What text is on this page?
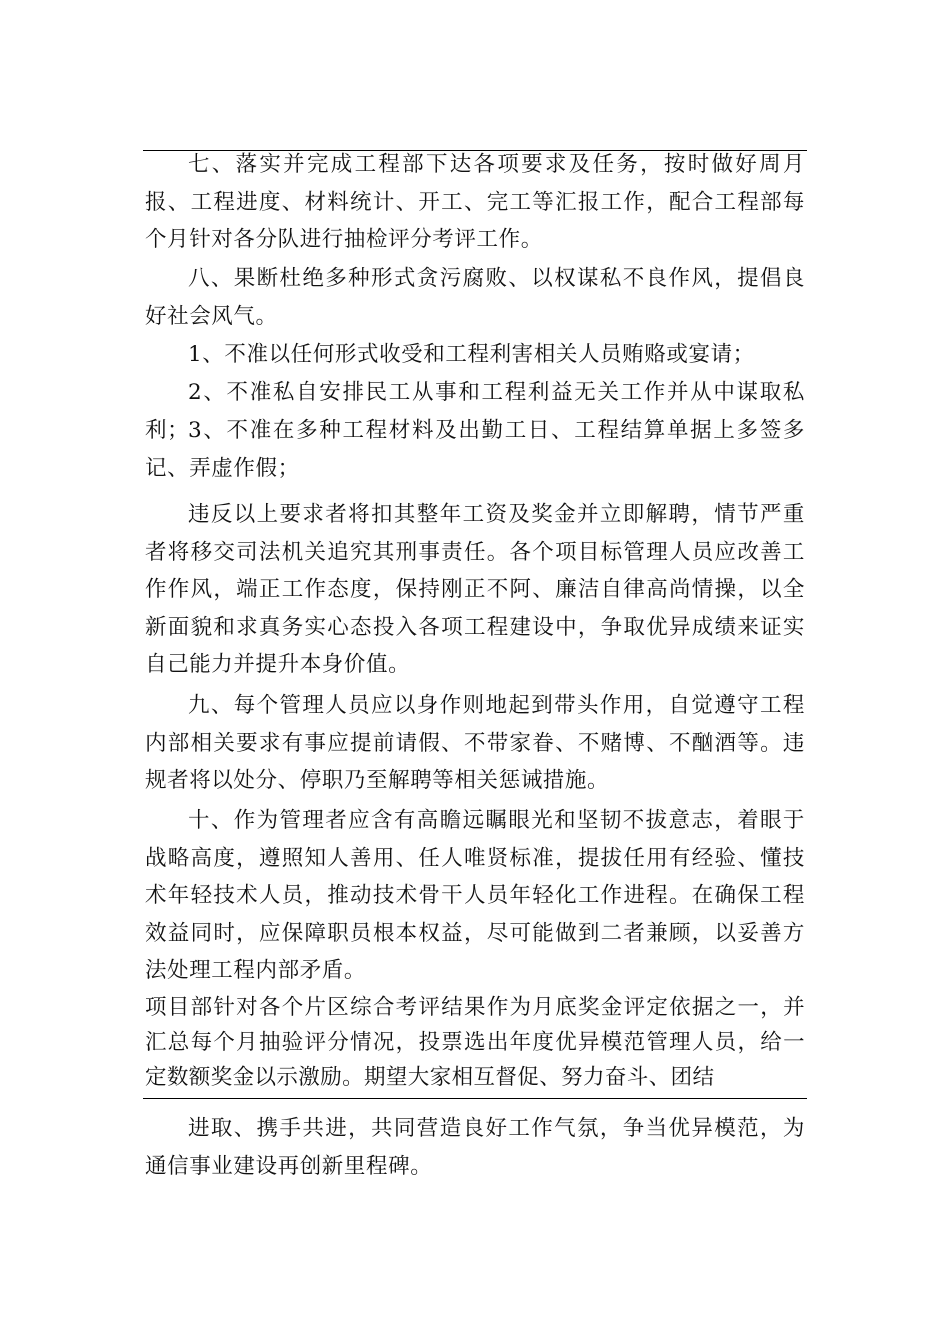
七、落实并完成工程部下达各项要求及任务，按时做好周月报、工程进度、材料统计、开工、完工等汇报工作，配合工程部每个月针对各分队进行抽检评分考评工作。

八、果断杜绝多种形式贪污腐败、以权谋私不良作风，提倡良好社会风气。

1、不准以任何形式收受和工程利害相关人员贿赂或宴请；

2、不准私自安排民工从事和工程利益无关工作并从中谋取私利；

3、不准在多种工程材料及出勤工日、工程结算单据上多签多记、弄虚作假；

违反以上要求者将扣其整年工资及奖金并立即解聘，情节严重者将移交司法机关追究其刑事责任。各个项目标管理人员应改善工作作风，端正工作态度，保持刚正不阿、廉洁自律高尚情操，以全新面貌和求真务实心态投入各项工程建设中，争取优异成绩来证实自己能力并提升本身价值。

九、每个管理人员应以身作则地起到带头作用，自觉遵守工程内部相关要求有事应提前请假、不带家眷、不赌博、不酗酒等。违规者将以处分、停职乃至解聘等相关惩诫措施。

十、作为管理者应含有高瞻远瞩眼光和坚韧不拔意志，着眼于战略高度，遵照知人善用、任人唯贤标准，提拔任用有经验、懂技术年轻技术人员，推动技术骨干人员年轻化工作进程。在确保工程效益同时，应保障职员根本权益，尽可能做到二者兼顾，以妥善方法处理工程内部矛盾。

项目部针对各个片区综合考评结果作为月底奖金评定依据之一，并
汇总每个月抽验评分情况，投票选出年度优异模范管理人员，给一
定数额奖金以示激励。期望大家相互督促、努力奋斗、团结

进取、携手共进，共同营造良好工作气氛，争当优异模范，为通信事业建设再创新里程碑。
